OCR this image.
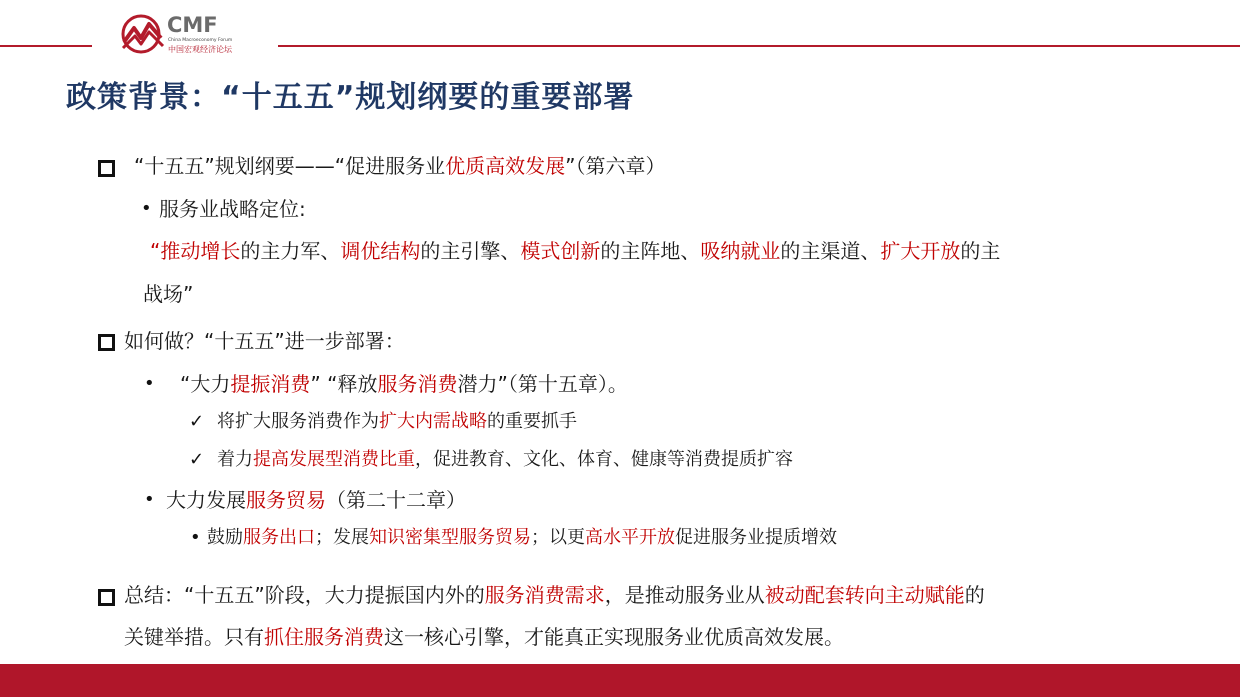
CMF
China Macroeconomy Forum
中国宏观经济论坛
政策背景：“十五五”规划纲要的重要部署
“十五五”规划纲要——“促进服务业优质高效发展”（第六章）
• 服务业战略定位:
“推动增长的主力军、调优结构的主引擎、模式创新的主阵地、吸纳就业的主渠道、扩大开放的主
战场”
如何做？“十五五”进一步部署：
• “大力提振消费” “释放服务消费潜力”（第十五章）。
✓ 将扩大服务消费作为扩大内需战略的重要抓手
✓ 着力提高发展型消费比重，促进教育、文化、体育、健康等消费提质扩容
• 大力发展服务贸易（第二十二章）
• 鼓励服务出口；发展知识密集型服务贸易；以更高水平开放促进服务业提质增效
总结：“十五五”阶段，大力提振国内外的服务消费需求，是推动服务业从被动配套转向主动赋能的
关键举措。只有抓住服务消费这一核心引擎，才能真正实现服务业优质高效发展。
